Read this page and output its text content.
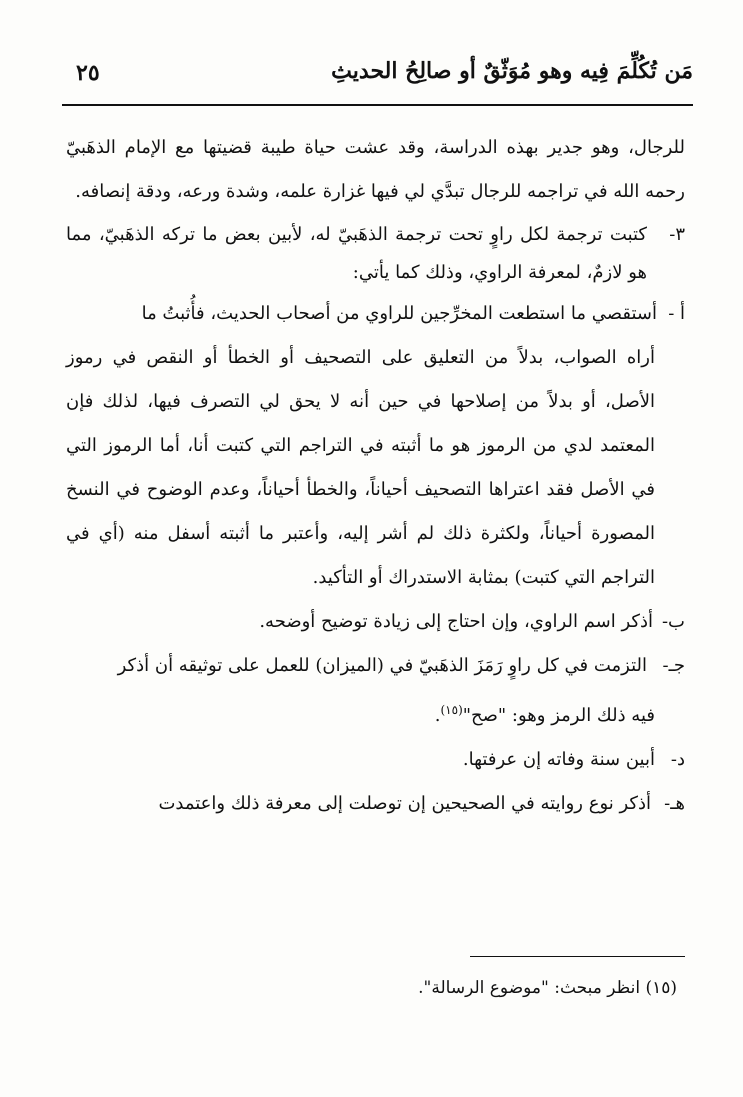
مَن تُكُلِّمَ فِيه وهو مُوَثّقٌ أو صالِحُ الحديثِ
٢٥

للرجال، وهو جدير بهذه الدراسة، وقد عشت حياة طيبة قضيتها مع الإمام الذهَبيّ رحمه الله في تراجمه للرجال تبدَّي لي فيها غزارة علمه، وشدة ورعه، ودقة إنصافه.

٣-
كتبت ترجمة لكل راوٍ تحت ترجمة الذهَبيّ له، لأبين بعض ما تركه الذهَبيّ، مما هو لازمٌ، لمعرفة الراوي، وذلك كما يأتي:
أ -
أستقصي ما استطعت المخرِّجين للراوي من أصحاب الحديث، فأُثبتُ ما

أراه الصواب، بدلاً من التعليق على التصحيف أو الخطأ أو النقص في رموز الأصل، أو بدلاً من إصلاحها في حين أنه لا يحق لي التصرف فيها، لذلك فإن المعتمد لدي من الرموز هو ما أثبته في التراجم التي كتبت أنا، أما الرموز التي في الأصل فقد اعتراها التصحيف أحياناً، والخطأ أحياناً، وعدم الوضوح في النسخ المصورة أحياناً، ولكثرة ذلك لم أشر إليه، وأعتبر ما أثبته أسفل منه (أي في التراجم التي كتبت) بمثابة الاستدراك أو التأكيد.

ب-
أذكر اسم الراوي، وإن احتاج إلى زيادة توضيح أوضحه.
جـ-
التزمت في كل راوٍ رَمَزَ الذهَبيّ في (الميزان) للعمل على توثيقه أن أذكر

فيه ذلك الرمز وهو: "صح"$^{(١٥)}$.

د-
أبين سنة وفاته إن عرفتها.
هـ-
أذكر نوع روايته في الصحيحين إن توصلت إلى معرفة ذلك واعتمدت
(١٥) انظر مبحث: "موضوع الرسالة".
